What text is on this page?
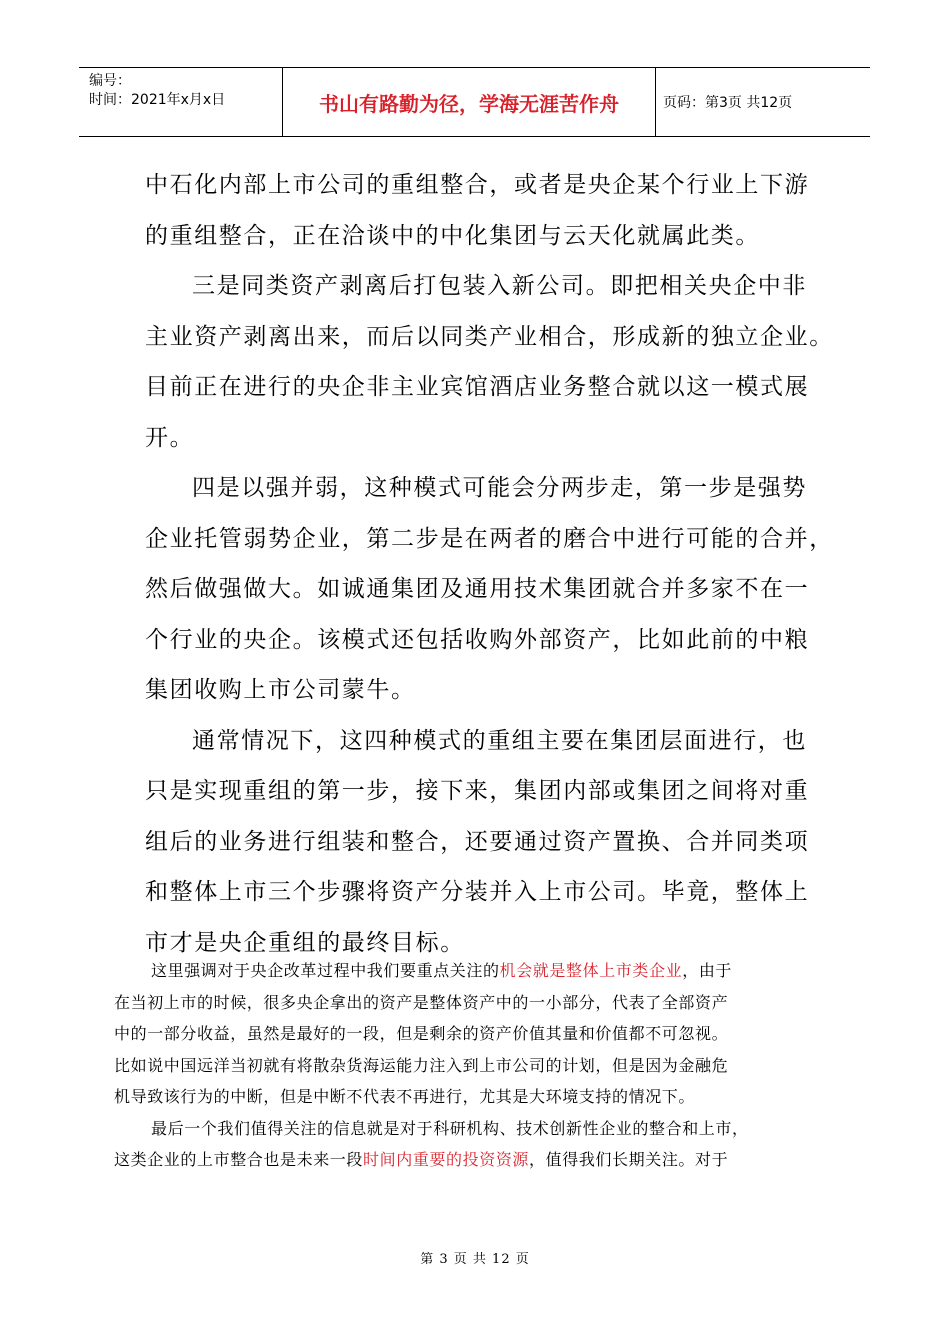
编号：
时间：2021年x月x日	书山有路勤为径，学海无涯苦作舟	页码：第3页 共12页

中石化内部上市公司的重组整合，或者是央企某个行业上下游
的重组整合，正在洽谈中的中化集团与云天化就属此类。

三是同类资产剥离后打包装入新公司。即把相关央企中非
主业资产剥离出来，而后以同类产业相合，形成新的独立企业。
目前正在进行的央企非主业宾馆酒店业务整合就以这一模式展
开。

四是以强并弱，这种模式可能会分两步走，第一步是强势
企业托管弱势企业，第二步是在两者的磨合中进行可能的合并，
然后做强做大。如诚通集团及通用技术集团就合并多家不在一
个行业的央企。该模式还包括收购外部资产，比如此前的中粮
集团收购上市公司蒙牛。

通常情况下，这四种模式的重组主要在集团层面进行，也
只是实现重组的第一步，接下来，集团内部或集团之间将对重
组后的业务进行组装和整合，还要通过资产置换、合并同类项
和整体上市三个步骤将资产分装并入上市公司。毕竟，整体上
市才是央企重组的最终目标。

这里强调对于央企改革过程中我们要重点关注的机会就是整体上市类企业，由于
在当初上市的时候，很多央企拿出的资产是整体资产中的一小部分，代表了全部资产
中的一部分收益，虽然是最好的一段，但是剩余的资产价值其量和价值都不可忽视。
比如说中国远洋当初就有将散杂货海运能力注入到上市公司的计划，但是因为金融危
机导致该行为的中断，但是中断不代表不再进行，尤其是大环境支持的情况下。
最后一个我们值得关注的信息就是对于科研机构、技术创新性企业的整合和上市，
这类企业的上市整合也是未来一段时间内重要的投资资源，值得我们长期关注。对于
第 3 页 共 12 页
